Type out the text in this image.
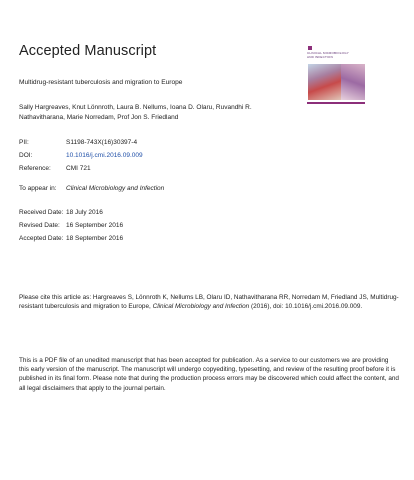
Accepted Manuscript	CLINICAL MICROBIOLOGY
AND INFECTION
Multidrug-resistant tuberculosis and migration to Europe
Sally Hargreaves, Knut Lönnroth, Laura B. Nellums, Ioana D. Olaru, Ruvandhi R.
Nathavitharana, Marie Norredam, Prof Jon S. Friedland
PII:	S1198-743X(16)30397-4
DOI:	10.1016/j.cmi.2016.09.009
Reference: CMI 721
To appear in: Clinical Microbiology and Infection
Received Date: 18 July 2016
Revised Date: 16 September 2016
Accepted Date: 18 September 2016
Please cite this article as: Hargreaves S, Lönnroth K, Nellums LB, Olaru ID, Nathavitharana RR, Norredam M, Friedland JS, Multidrug-resistant tuberculosis and migration to Europe, Clinical Microbiology and Infection (2016), doi: 10.1016/j.cmi.2016.09.009.
This is a PDF file of an unedited manuscript that has been accepted for publication. As a service to our customers we are providing this early version of the manuscript. The manuscript will undergo copyediting, typesetting, and review of the resulting proof before it is published in its final form. Please note that during the production process errors may be discovered which could affect the content, and all legal disclaimers that apply to the journal pertain.
